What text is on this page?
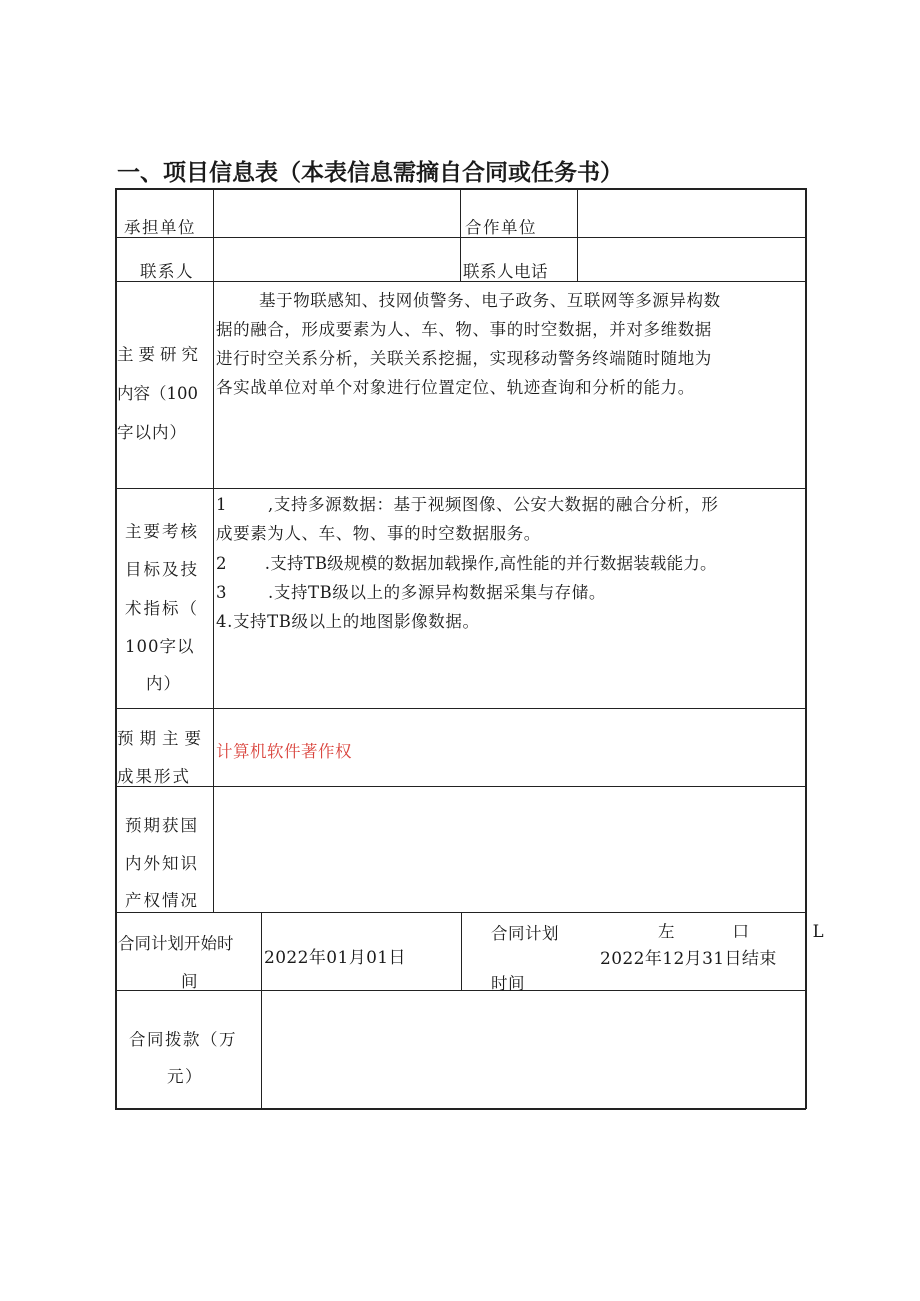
一、项目信息表（本表信息需摘自合同或任务书）
承担单位	合作单位
联系人	联系人电话
主要研究
内容（100
字以内）
基于物联感知、技网侦警务、电子政务、互联网等多源异构数
据的融合，形成要素为人、车、物、事的时空数据，并对多维数据
进行时空关系分析，关联关系挖掘，实现移动警务终端随时随地为
各实战单位对单个对象进行位置定位、轨迹查询和分析的能力。
主要考核
目标及技
术指标（
100字以
内）
1       ,支持多源数据：基于视频图像、公安大数据的融合分析，形
成要素为人、车、物、事的时空数据服务。
2       .支持TB级规模的数据加载操作,高性能的并行数据装载能力。
3       .支持TB级以上的多源异构数据采集与存储。
4.支持TB级以上的地图影像数据。
预期主要
成果形式
计算机软件著作权
预期获国
内外知识
产权情况
合同计划开始时
间
2022年01月01日
合同计划
时间
左          口           L
2022年12月31日结束
合同拨款（万
元）
